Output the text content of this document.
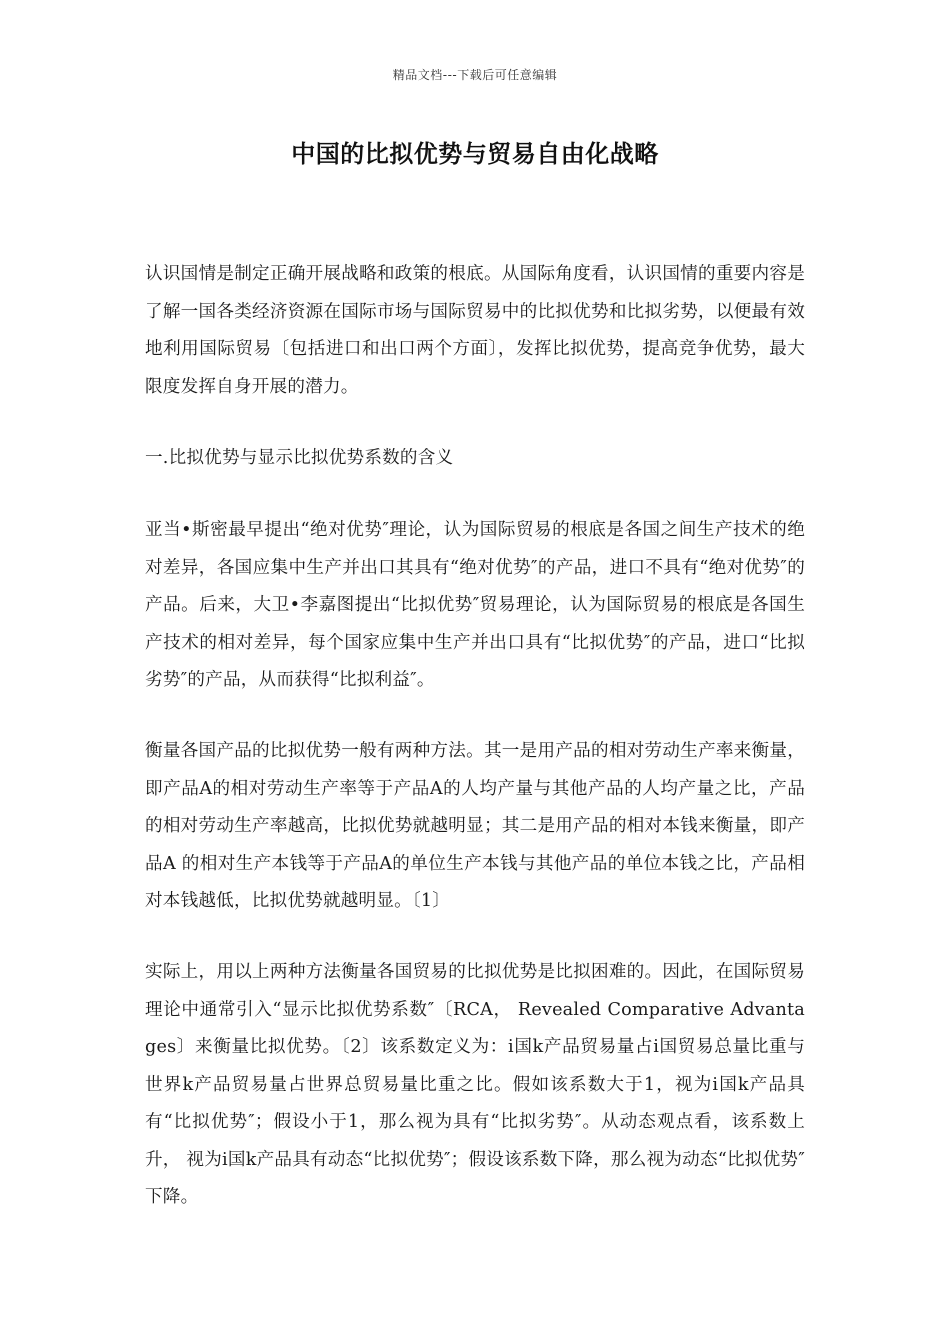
精品文档---下载后可任意编辑
中国的比拟优势与贸易自由化战略
认识国情是制定正确开展战略和政策的根底。从国际角度看，认识国情的重要内容是了解一国各类经济资源在国际市场与国际贸易中的比拟优势和比拟劣势，以便最有效地利用国际贸易〔包括进口和出口两个方面〕，发挥比拟优势，提高竞争优势，最大限度发挥自身开展的潜力。
一.比拟优势与显示比拟优势系数的含义
亚当•斯密最早提出“绝对优势″理论，认为国际贸易的根底是各国之间生产技术的绝对差异，各国应集中生产并出口其具有“绝对优势″的产品，进口不具有“绝对优势″的产品。后来，大卫•李嘉图提出“比拟优势″贸易理论，认为国际贸易的根底是各国生产技术的相对差异，每个国家应集中生产并出口具有“比拟优势″的产品，进口“比拟劣势″的产品，从而获得“比拟利益″。
衡量各国产品的比拟优势一般有两种方法。其一是用产品的相对劳动生产率来衡量，即产品A的相对劳动生产率等于产品A的人均产量与其他产品的人均产量之比，产品的相对劳动生产率越高，比拟优势就越明显；其二是用产品的相对本钱来衡量，即产品A 的相对生产本钱等于产品A的单位生产本钱与其他产品的单位本钱之比，产品相对本钱越低，比拟优势就越明显。〔1〕
实际上，用以上两种方法衡量各国贸易的比拟优势是比拟困难的。因此，在国际贸易理论中通常引入“显示比拟优势系数″〔RCA， Revealed Comparative Advantages〕来衡量比拟优势。〔2〕该系数定义为：i国k产品贸易量占i国贸易总量比重与世界k产品贸易量占世界总贸易量比重之比。假如该系数大于1，视为i国k产品具有“比拟优势″；假设小于1，那么视为具有“比拟劣势″。从动态观点看，该系数上升， 视为i国k产品具有动态“比拟优势″；假设该系数下降，那么视为动态“比拟优势″下降。
